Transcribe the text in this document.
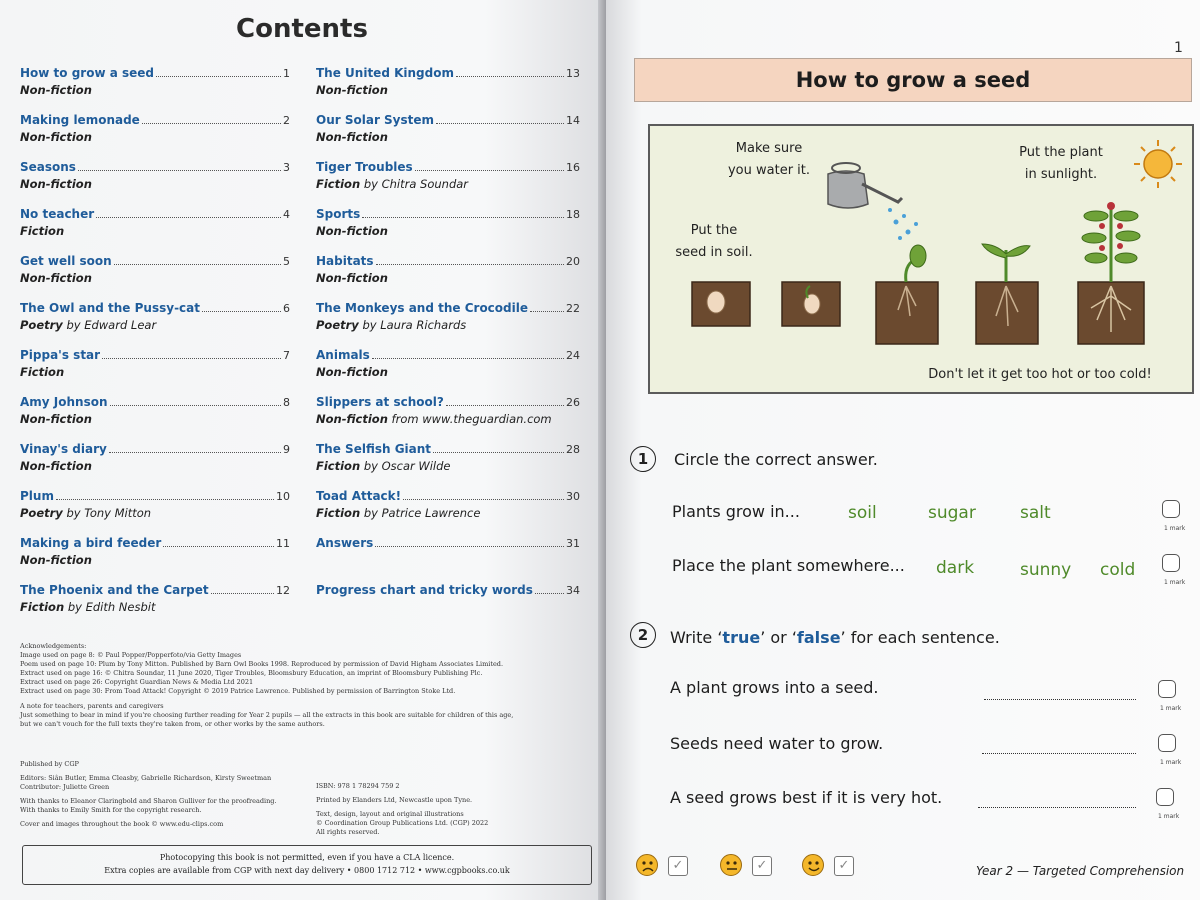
Contents
How to grow a seed	1
Non-fiction
Making lemonade	2
Non-fiction
Seasons	3
Non-fiction
No teacher	4
Fiction
Get well soon	5
Non-fiction
The Owl and the Pussy-cat	6
Poetry by Edward Lear
Pippa's star	7
Fiction
Amy Johnson	8
Non-fiction
Vinay's diary	9
Non-fiction
Plum	10
Poetry by Tony Mitton
Making a bird feeder	11
Non-fiction
The Phoenix and the Carpet	12
Fiction by Edith Nesbit
The United Kingdom	13
Non-fiction
Our Solar System	14
Non-fiction
Tiger Troubles	16
Fiction by Chitra Soundar
Sports	18
Non-fiction
Habitats	20
Non-fiction
The Monkeys and the Crocodile	22
Poetry by Laura Richards
Animals	24
Non-fiction
Slippers at school?	26
Non-fiction from www.theguardian.com
The Selfish Giant	28
Fiction by Oscar Wilde
Toad Attack!	30
Fiction by Patrice Lawrence
Answers	31
Progress chart and tricky words	34

Acknowledgements:
Image used on page 8: © Paul Popper/Popperfoto/via Getty Images
Poem used on page 10: Plum by Tony Mitton. Published by Barn Owl Books 1998. Reproduced by permission of David Higham Associates Limited.
Extract used on page 16: © Chitra Soundar, 11 June 2020, Tiger Troubles, Bloomsbury Education, an imprint of Bloomsbury Publishing Plc.
Extract used on page 26: Copyright Guardian News & Media Ltd 2021
Extract used on page 30: From Toad Attack! Copyright © 2019 Patrice Lawrence. Published by permission of Barrington Stoke Ltd.

A note for teachers, parents and caregivers
Just something to bear in mind if you're choosing further reading for Year 2 pupils — all the extracts in this book are suitable for children of this age, but we can't vouch for the full texts they're taken from, or other works by the same authors.

Published by CGP

Editors: Siân Butler, Emma Cleasby, Gabrielle Richardson, Kirsty Sweetman
Contributor: Juliette Green

With thanks to Eleanor Claringbold and Sharon Gulliver for the proofreading.
With thanks to Emily Smith for the copyright research.

Cover and images throughout the book © www.edu-clips.com

ISBN: 978 1 78294 759 2

Printed by Elanders Ltd, Newcastle upon Tyne.

Text, design, layout and original illustrations
© Coordination Group Publications Ltd. (CGP) 2022
All rights reserved.

Photocopying this book is not permitted, even if you have a CLA licence.
Extra copies are available from CGP with next day delivery • 0800 1712 712 • www.cgpbooks.co.uk
1
How to grow a seed
Make sure
you water it.
Put the plant
in sunlight.
Put the
seed in soil.
Don't let it get too hot or too cold!
1	Circle the correct answer.
Plants grow in...	soil	sugar	salt
1 mark
Place the plant somewhere... dark	sunny cold
1 mark
2	Write ‘true’ or ‘false’ for each sentence.
A plant grows into a seed.
1 mark
Seeds need water to grow.
1 mark
A seed grows best if it is very hot.
1 mark
✓	✓	✓	Year 2 — Targeted Comprehension
